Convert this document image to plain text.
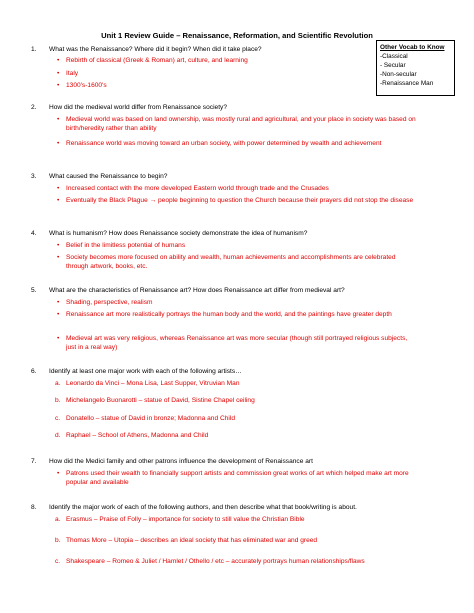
Unit 1 Review Guide – Renaissance, Reformation, and Scientific Revolution
Other Vocab to Know
-Classical
- Secular
-Non-secular
-Renaissance Man
1. What was the Renaissance? Where did it begin? When did it take place?
• Rebirth of classical (Greek & Roman) art, culture, and learning
• Italy
• 1300's-1600's
2. How did the medieval world differ from Renaissance society?
• Medieval world was based on land ownership, was mostly rural and agricultural, and your place in society was based on birth/heredity rather than ability
• Renaissance world was moving toward an urban society, with power determined by wealth and achievement
3. What caused the Renaissance to begin?
• Increased contact with the more developed Eastern world through trade and the Crusades
• Eventually the Black Plague → people beginning to question the Church because their prayers did not stop the disease
4. What is humanism? How does Renaissance society demonstrate the idea of humanism?
• Belief in the limitless potential of humans
• Society becomes more focused on ability and wealth, human achievements and accomplishments are celebrated through artwork, books, etc.
5. What are the characteristics of Renaissance art? How does Renaissance art differ from medieval art?
• Shading, perspective, realism
• Renaissance art more realistically portrays the human body and the world, and the paintings have greater depth
• Medieval art was very religious, whereas Renaissance art was more secular (though still portrayed religious subjects, just in a real way)
6. Identify at least one major work with each of the following artists…
a. Leonardo da Vinci – Mona Lisa, Last Supper, Vitruvian Man
b. Michelangelo Buonarotti – statue of David, Sistine Chapel ceiling
c. Donatello – statue of David in bronze; Madonna and Child
d. Raphael – School of Athens, Madonna and Child
7. How did the Medici family and other patrons influence the development of Renaissance art
• Patrons used their wealth to financially support artists and commission great works of art which helped make art more popular and available
8. Identify the major work of each of the following authors, and then describe what that book/writing is about.
a. Erasmus – Praise of Folly – importance for society to still value the Christian Bible
b. Thomas More – Utopia – describes an ideal society that has eliminated war and greed
c. Shakespeare – Romeo & Juliet / Hamlet / Othello / etc – accurately portrays human relationships/flaws
